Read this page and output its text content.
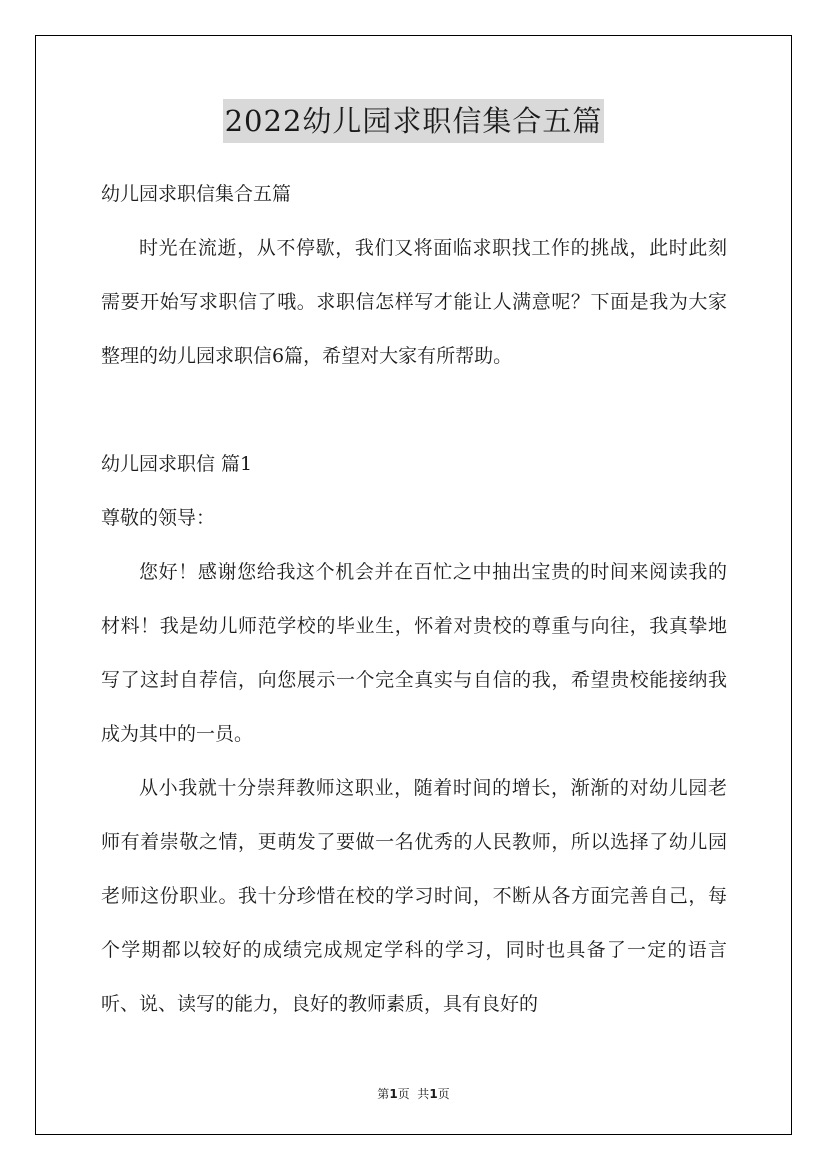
2022幼儿园求职信集合五篇

幼儿园求职信集合五篇

时光在流逝，从不停歇，我们又将面临求职找工作的挑战，此时此刻需要开始写求职信了哦。求职信怎样写才能让人满意呢？下面是我为大家整理的幼儿园求职信6篇，希望对大家有所帮助。

幼儿园求职信 篇1

尊敬的领导：

您好！感谢您给我这个机会并在百忙之中抽出宝贵的时间来阅读我的材料！我是幼儿师范学校的毕业生，怀着对贵校的尊重与向往，我真挚地写了这封自荐信，向您展示一个完全真实与自信的我，希望贵校能接纳我成为其中的一员。

从小我就十分崇拜教师这职业，随着时间的增长，渐渐的对幼儿园老师有着崇敬之情，更萌发了要做一名优秀的人民教师，所以选择了幼儿园老师这份职业。我十分珍惜在校的学习时间，不断从各方面完善自己，每个学期都以较好的成绩完成规定学科的学习，同时也具备了一定的语言听、说、读写的能力，良好的教师素质，具有良好的

第1页  共1页
